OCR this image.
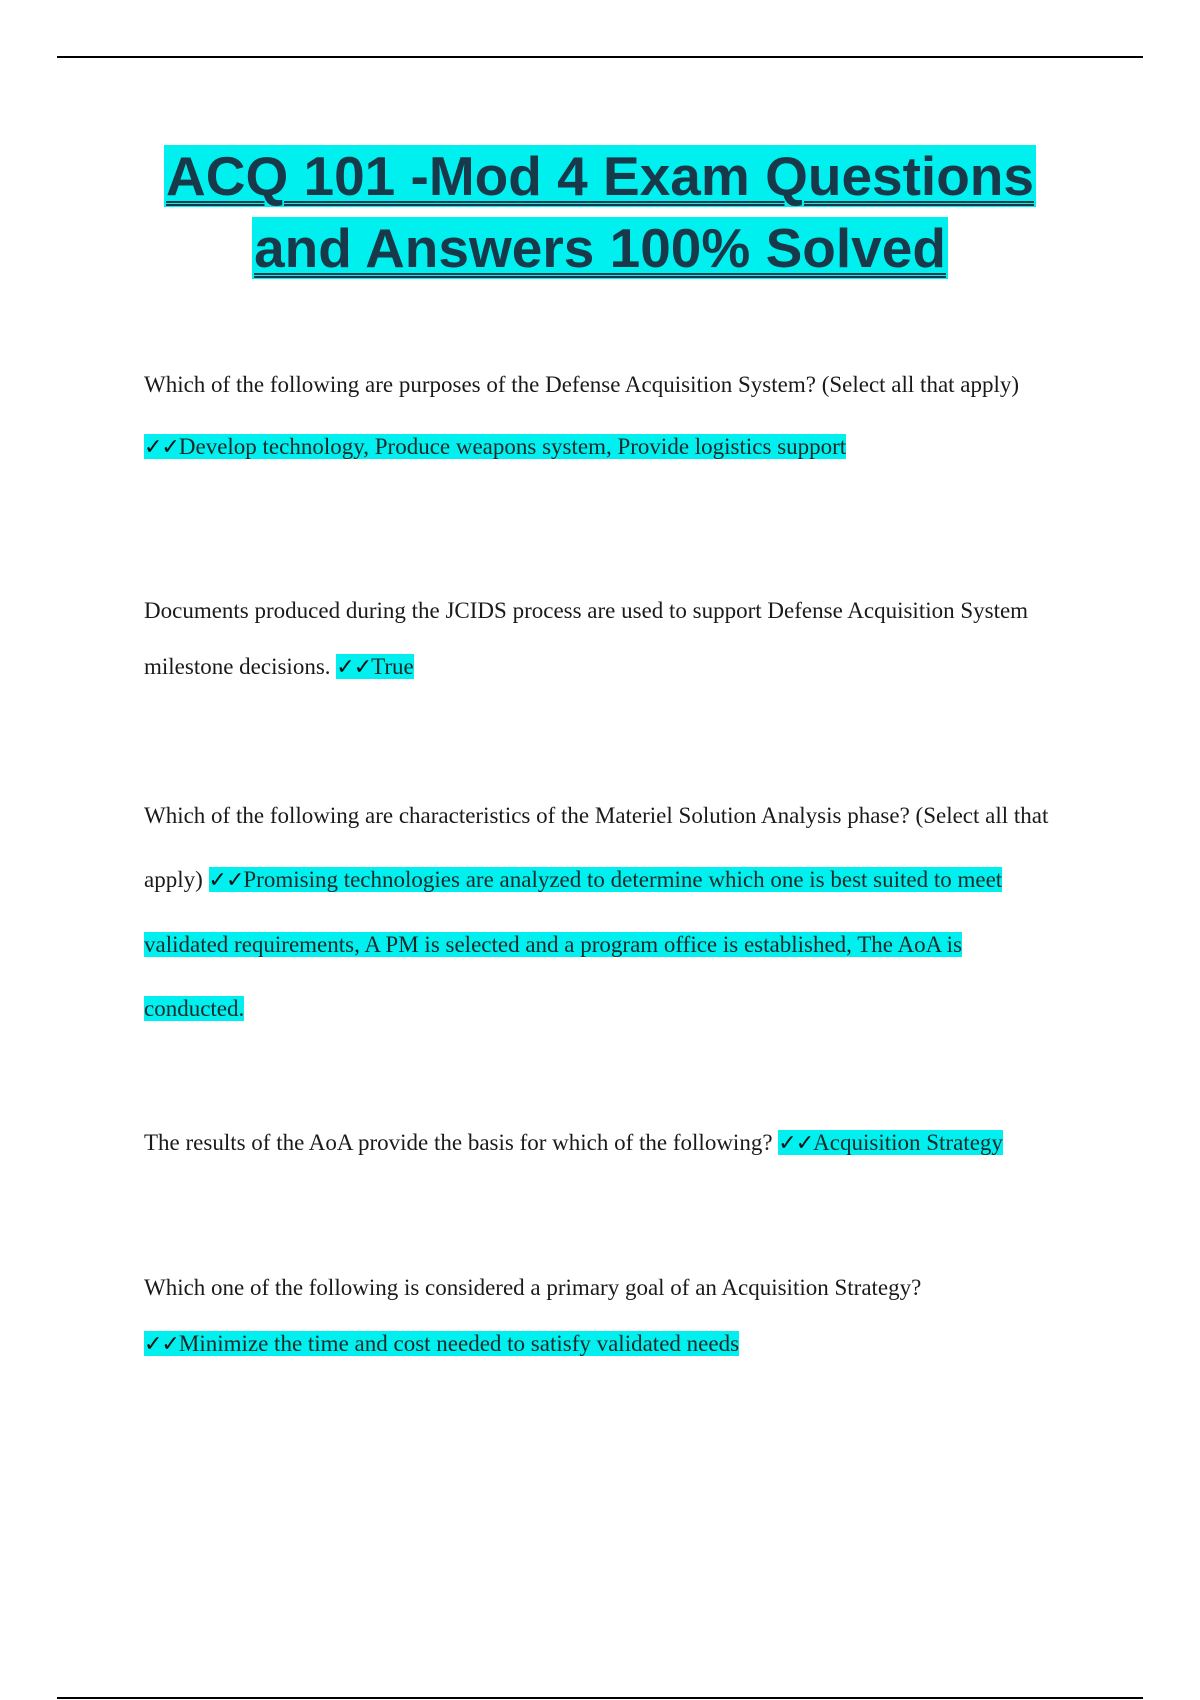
ACQ 101 -Mod 4 Exam Questions
and Answers 100% Solved

Which of the following are purposes of the Defense Acquisition System? (Select all that apply)
✓✓Develop technology, Produce weapons system, Provide logistics support

Documents produced during the JCIDS process are used to support Defense Acquisition System milestone decisions. ✓✓True

Which of the following are characteristics of the Materiel Solution Analysis phase? (Select all that apply) ✓✓Promising technologies are analyzed to determine which one is best suited to meet validated requirements, A PM is selected and a program office is established, The AoA is conducted.

The results of the AoA provide the basis for which of the following? ✓✓Acquisition Strategy

Which one of the following is considered a primary goal of an Acquisition Strategy?
✓✓Minimize the time and cost needed to satisfy validated needs
